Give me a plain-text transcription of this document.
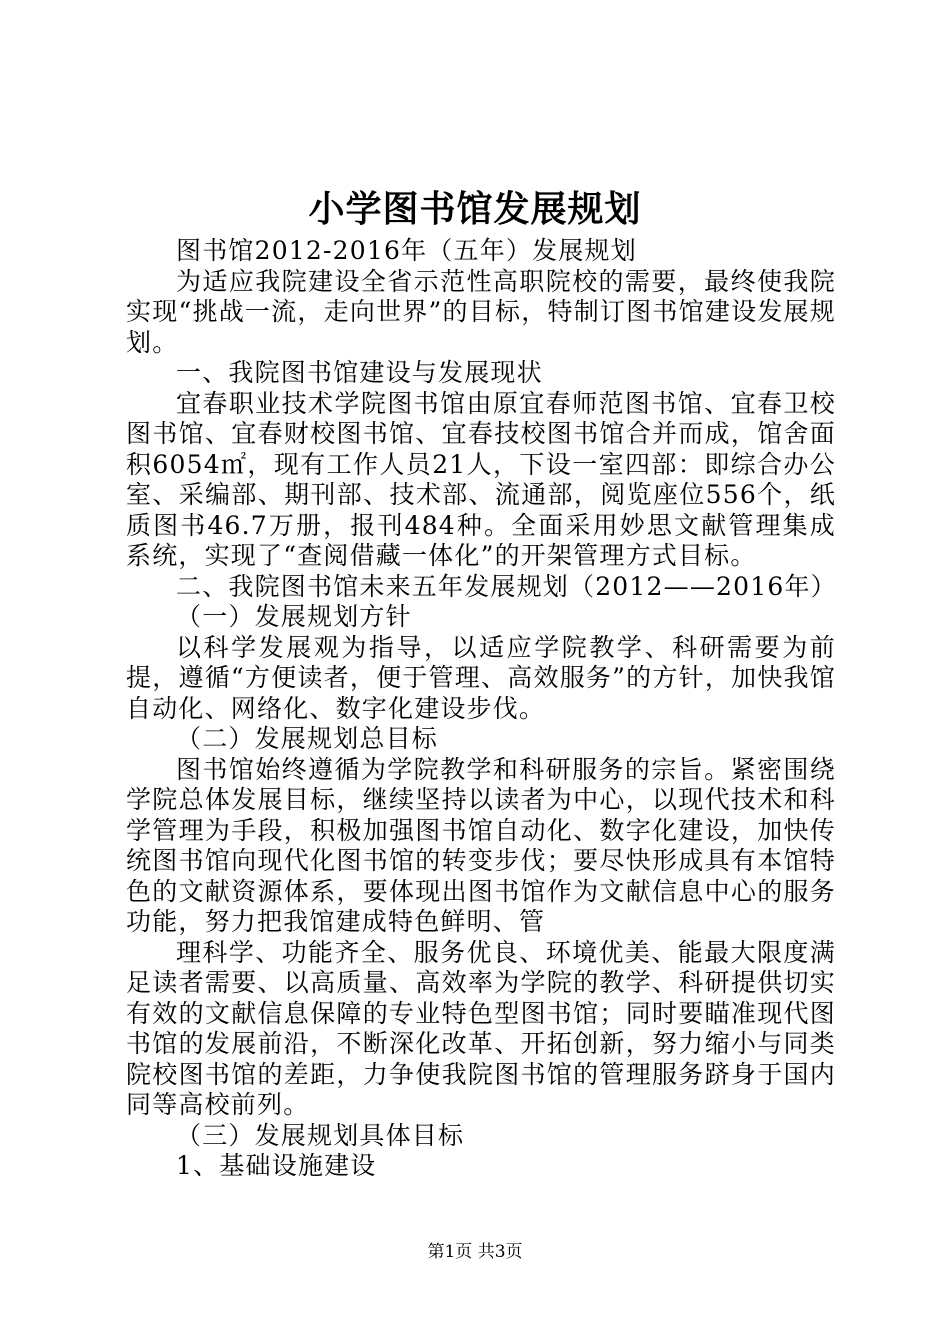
小学图书馆发展规划

图书馆2012-2016年（五年）发展规划

为适应我院建设全省示范性高职院校的需要，最终使我院实现“挑战一流，走向世界”的目标，特制订图书馆建设发展规划。

一、我院图书馆建设与发展现状

宜春职业技术学院图书馆由原宜春师范图书馆、宜春卫校图书馆、宜春财校图书馆、宜春技校图书馆合并而成，馆舍面积6054㎡，现有工作人员21人，下设一室四部：即综合办公室、采编部、期刊部、技术部、流通部，阅览座位556个，纸质图书46.7万册，报刊484种。全面采用妙思文献管理集成系统，实现了“查阅借藏一体化”的开架管理方式目标。

二、我院图书馆未来五年发展规划（2012——2016年）

（一）发展规划方针

以科学发展观为指导，以适应学院教学、科研需要为前提，遵循“方便读者，便于管理、高效服务”的方针，加快我馆自动化、网络化、数字化建设步伐。

（二）发展规划总目标

图书馆始终遵循为学院教学和科研服务的宗旨。紧密围绕学院总体发展目标，继续坚持以读者为中心，以现代技术和科学管理为手段，积极加强图书馆自动化、数字化建设，加快传统图书馆向现代化图书馆的转变步伐；要尽快形成具有本馆特色的文献资源体系，要体现出图书馆作为文献信息中心的服务功能，努力把我馆建成特色鲜明、管

理科学、功能齐全、服务优良、环境优美、能最大限度满足读者需要、以高质量、高效率为学院的教学、科研提供切实有效的文献信息保障的专业特色型图书馆；同时要瞄准现代图书馆的发展前沿，不断深化改革、开拓创新，努力缩小与同类院校图书馆的差距，力争使我院图书馆的管理服务跻身于国内同等高校前列。

（三）发展规划具体目标

1、基础设施建设

第1页 共3页
